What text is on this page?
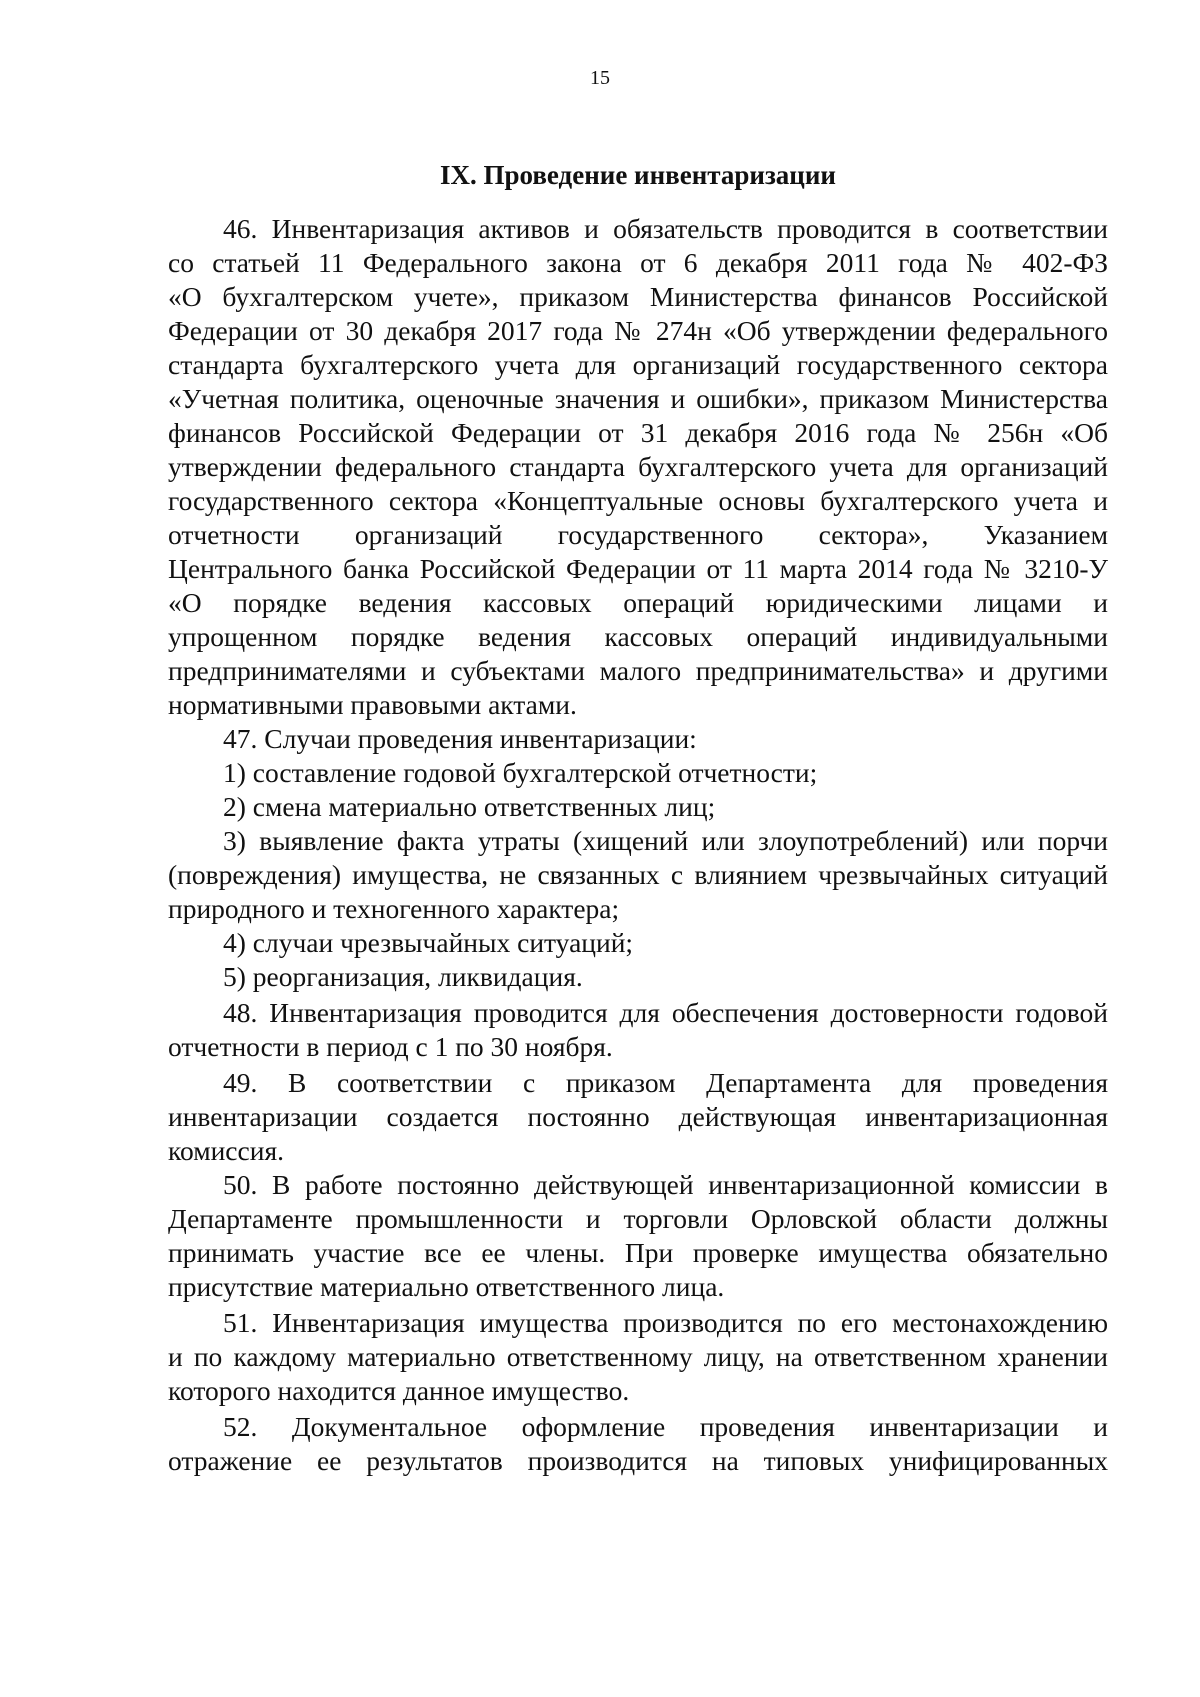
15
IX. Проведение инвентаризации
46. Инвентаризация активов и обязательств проводится в соответствии
со статьей 11 Федерального закона от 6 декабря 2011 года № 402-ФЗ
«О бухгалтерском учете», приказом Министерства финансов Российской
Федерации от 30 декабря 2017 года № 274н «Об утверждении федерального
стандарта бухгалтерского учета для организаций государственного сектора
«Учетная политика, оценочные значения и ошибки», приказом Министерства
финансов Российской Федерации от 31 декабря 2016 года № 256н «Об
утверждении федерального стандарта бухгалтерского учета для организаций
государственного сектора «Концептуальные основы бухгалтерского учета и
отчетности организаций государственного сектора», Указанием
Центрального банка Российской Федерации от 11 марта 2014 года № 3210-У
«О порядке ведения кассовых операций юридическими лицами и
упрощенном порядке ведения кассовых операций индивидуальными
предпринимателями и субъектами малого предпринимательства» и другими
нормативными правовыми актами.
47. Случаи проведения инвентаризации:
1) составление годовой бухгалтерской отчетности;
2) смена материально ответственных лиц;
3) выявление факта утраты (хищений или злоупотреблений) или порчи
(повреждения) имущества, не связанных с влиянием чрезвычайных ситуаций
природного и техногенного характера;
4) случаи чрезвычайных ситуаций;
5) реорганизация, ликвидация.
48. Инвентаризация проводится для обеспечения достоверности годовой
отчетности в период с 1 по 30 ноября.
49. В соответствии с приказом Департамента для проведения
инвентаризации создается постоянно действующая инвентаризационная
комиссия.
50. В работе постоянно действующей инвентаризационной комиссии в
Департаменте промышленности и торговли Орловской области должны
принимать участие все ее члены. При проверке имущества обязательно
присутствие материально ответственного лица.
51. Инвентаризация имущества производится по его местонахождению
и по каждому материально ответственному лицу, на ответственном хранении
которого находится данное имущество.
52. Документальное оформление проведения инвентаризации и
отражение ее результатов производится на типовых унифицированных
